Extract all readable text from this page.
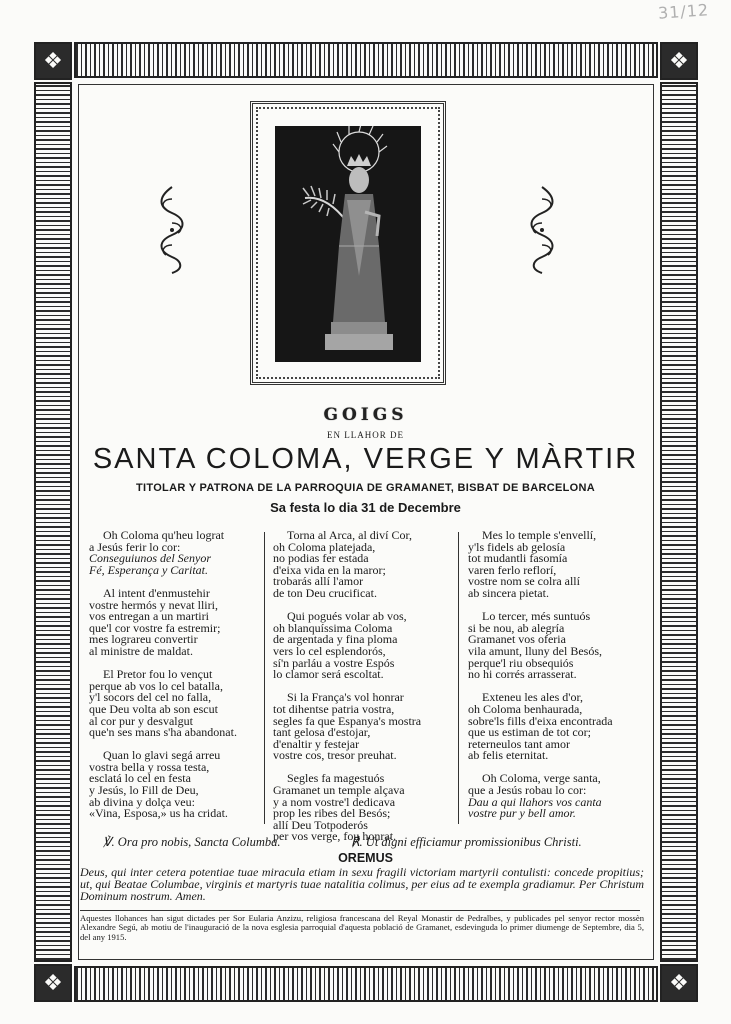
31/12
❖	❖
❖	❖
GOIGS
EN LLAHOR DE
SANTA COLOMA, VERGE Y MÀRTIR
TITOLAR Y PATRONA DE LA PARROQUIA DE GRAMANET, BISBAT DE BARCELONA
Sa festa lo dia 31 de Decembre
Oh Coloma qu'heu lograt
a Jesús ferir lo cor:
Conseguiunos del Senyor
Fé, Esperança y Caritat.
Al intent d'enmustehir
vostre hermós y nevat lliri,
vos entregan a un martiri
que'l cor vostre fa estremir;
mes lograreu convertir
al ministre de maldat.
El Pretor fou lo vençut
perque ab vos lo cel batalla,
y'l socors del cel no falla,
que Deu volta ab son escut
al cor pur y desvalgut
que'n ses mans s'ha abandonat.
Quan lo glavi segá arreu
vostra bella y rossa testa,
esclatá lo cel en festa
y Jesús, lo Fill de Deu,
ab divina y dolça veu:
«Vina, Esposa,» us ha cridat.
Torna al Arca, al diví Cor,
oh Coloma platejada,
no podias fer estada
d'eixa vida en la maror;
trobarás allí l'amor
de ton Deu crucificat.
Qui pogués volar ab vos,
oh blanquíssima Coloma
de argentada y fina ploma
vers lo cel esplendorós,
sí'n parláu a vostre Espós
lo clamor será escoltat.
Si la França's vol honrar
tot dihentse patria vostra,
segles fa que Espanya's mostra
tant gelosa d'estojar,
d'enaltir y festejar
vostre cos, tresor preuhat.
Segles fa magestuós
Gramanet un temple alçava
y a nom vostre'l dedicava
prop les ribes del Besós;
allí Deu Totpoderós
per vos verge, fou honrat.
Mes lo temple s'envellí,
y'ls fidels ab gelosía
tot mudantli fasomía
varen ferlo reflorí,
vostre nom se colra allí
ab sincera pietat.
Lo tercer, més suntuós
si be nou, ab alegría
Gramanet vos oferia
vila amunt, lluny del Besós,
perque'l riu obsequiós
no hi corrés arrasserat.
Exteneu les ales d'or,
oh Coloma benhaurada,
sobre'ls fills d'eixa encontrada
que us estiman de tot cor;
reterneulos tant amor
ab felis eternitat.
Oh Coloma, verge santa,
que a Jesús robau lo cor:
Dau a qui llahors vos canta
vostre pur y bell amor.
℣. Ora pro nobis, Sancta Columba.	℟. Ut digni efficiamur promissionibus Christi.
OREMUS
Deus, qui inter cetera potentiae tuae miracula etiam in sexu fragili victoriam martyrii contulisti: concede propitius; ut, qui Beatae Columbae, virginis et martyris tuae natalitia colimus, per eius ad te exempla gradiamur. Per Christum Dominum nostrum. Amen.
Aquestes llohances han sigut dictades per Sor Eularia Anzizu, religiosa francescana del Reyal Monastir de Pedralbes, y publicades pel senyor rector mossèn Alexandre Segú, ab motiu de l'inauguració de la nova esglesia parroquial d'aquesta població de Gramanet, esdevinguda lo primer diumenge de Septembre, dia 5, del any 1915.
